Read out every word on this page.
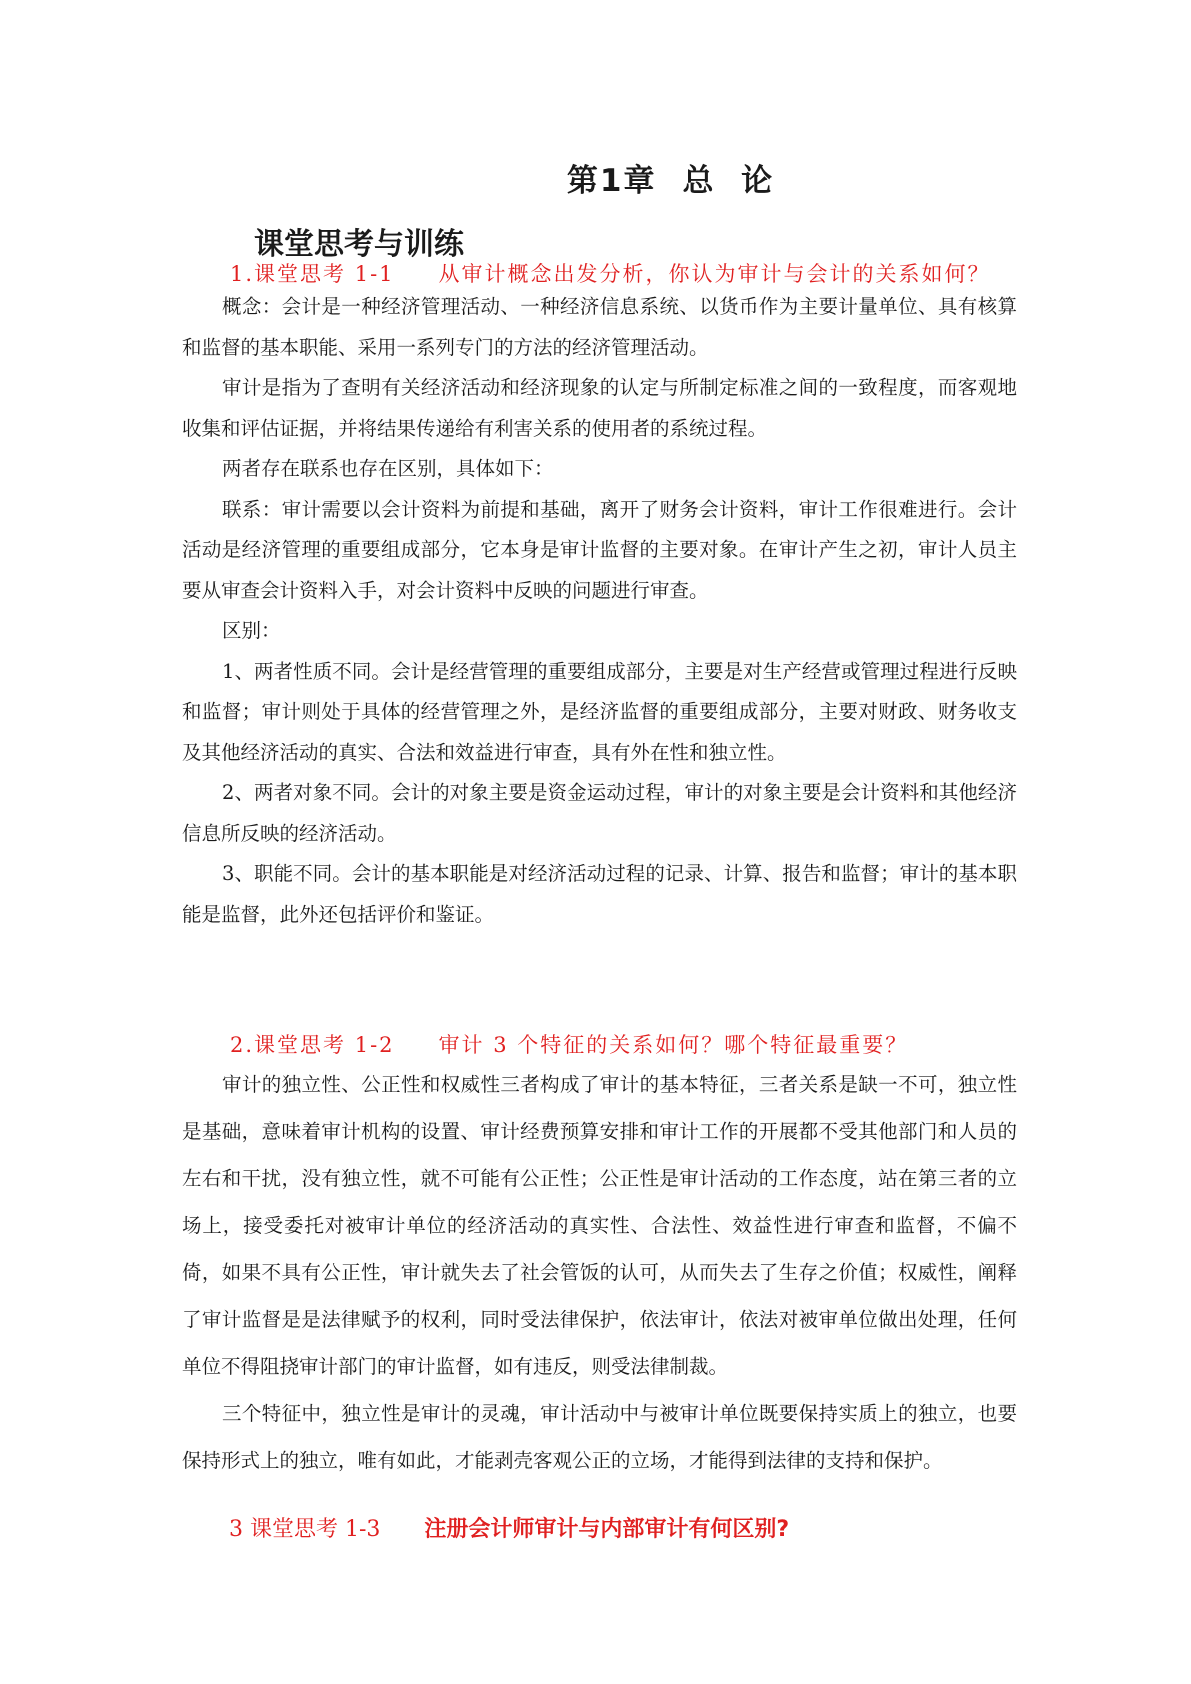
第1章 总  论
课堂思考与训练
1.课堂思考 1-1 从审计概念出发分析，你认为审计与会计的关系如何？

概念：会计是一种经济管理活动、一种经济信息系统、以货币作为主要计量单位、具有核算和监督的基本职能、采用一系列专门的方法的经济管理活动。

审计是指为了查明有关经济活动和经济现象的认定与所制定标准之间的一致程度，而客观地收集和评估证据，并将结果传递给有利害关系的使用者的系统过程。

两者存在联系也存在区别，具体如下：

联系：审计需要以会计资料为前提和基础，离开了财务会计资料，审计工作很难进行。会计活动是经济管理的重要组成部分，它本身是审计监督的主要对象。在审计产生之初，审计人员主要从审查会计资料入手，对会计资料中反映的问题进行审查。

区别：

1、两者性质不同。会计是经营管理的重要组成部分，主要是对生产经营或管理过程进行反映和监督；审计则处于具体的经营管理之外，是经济监督的重要组成部分，主要对财政、财务收支及其他经济活动的真实、合法和效益进行审查，具有外在性和独立性。

2、两者对象不同。会计的对象主要是资金运动过程，审计的对象主要是会计资料和其他经济信息所反映的经济活动。

3、职能不同。会计的基本职能是对经济活动过程的记录、计算、报告和监督；审计的基本职能是监督，此外还包括评价和鉴证。

2.课堂思考 1-2 审计 3 个特征的关系如何？哪个特征最重要？

审计的独立性、公正性和权威性三者构成了审计的基本特征，三者关系是缺一不可，独立性是基础，意味着审计机构的设置、审计经费预算安排和审计工作的开展都不受其他部门和人员的左右和干扰，没有独立性，就不可能有公正性；公正性是审计活动的工作态度，站在第三者的立场上，接受委托对被审计单位的经济活动的真实性、合法性、效益性进行审查和监督，不偏不倚，如果不具有公正性，审计就失去了社会管饭的认可，从而失去了生存之价值；权威性，阐释了审计监督是是法律赋予的权利，同时受法律保护，依法审计，依法对被审单位做出处理，任何单位不得阻挠审计部门的审计监督，如有违反，则受法律制裁。

三个特征中，独立性是审计的灵魂，审计活动中与被审计单位既要保持实质上的独立，也要保持形式上的独立，唯有如此，才能剥壳客观公正的立场，才能得到法律的支持和保护。

3 课堂思考 1-3 注册会计师审计与内部审计有何区别?
